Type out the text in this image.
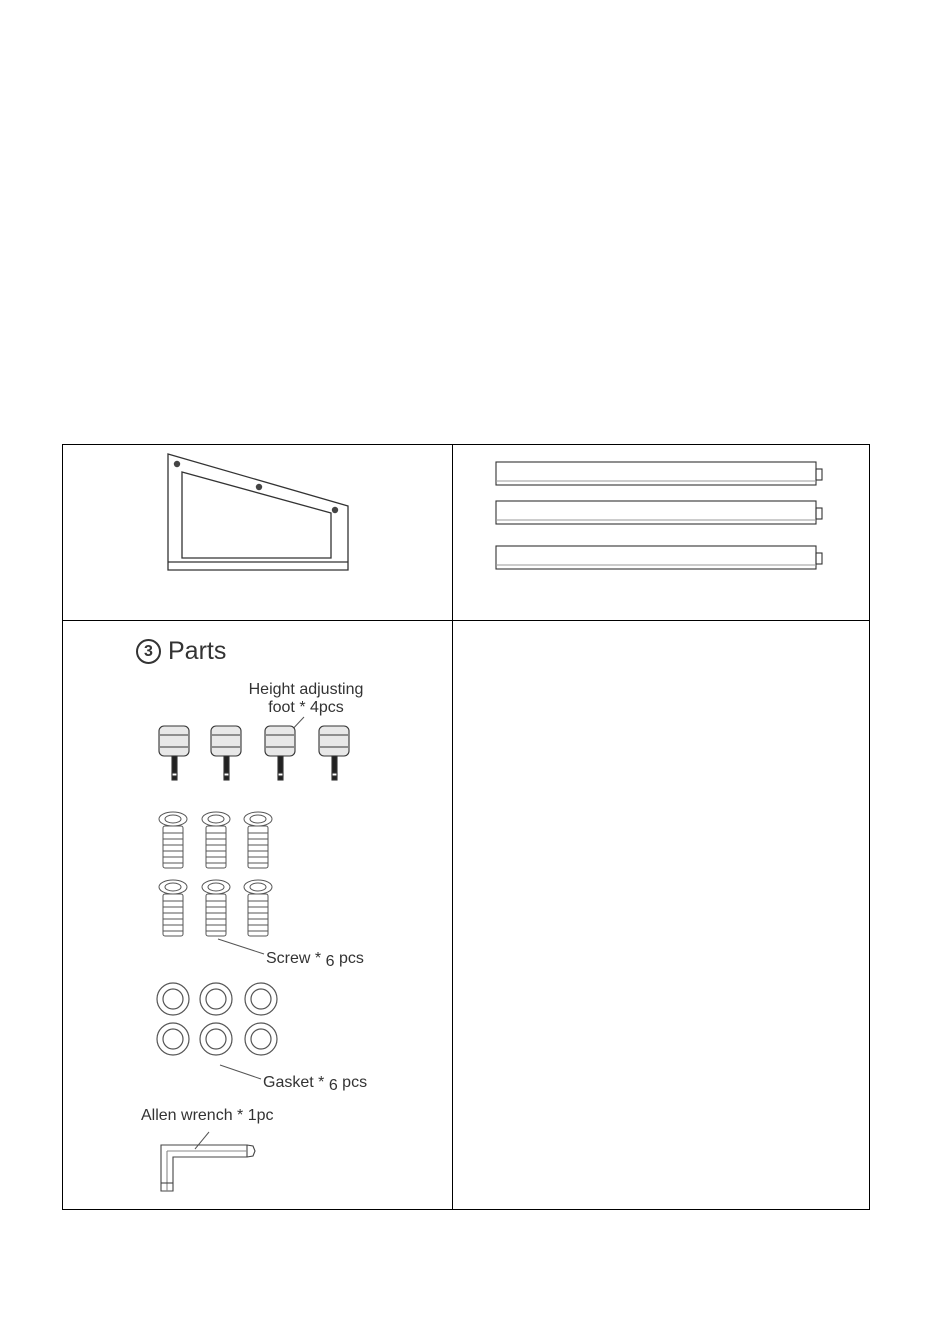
3 Parts
Height adjusting
foot * 4pcs
Screw * 6 pcs
Gasket * 6 pcs
Allen wrench * 1pc
